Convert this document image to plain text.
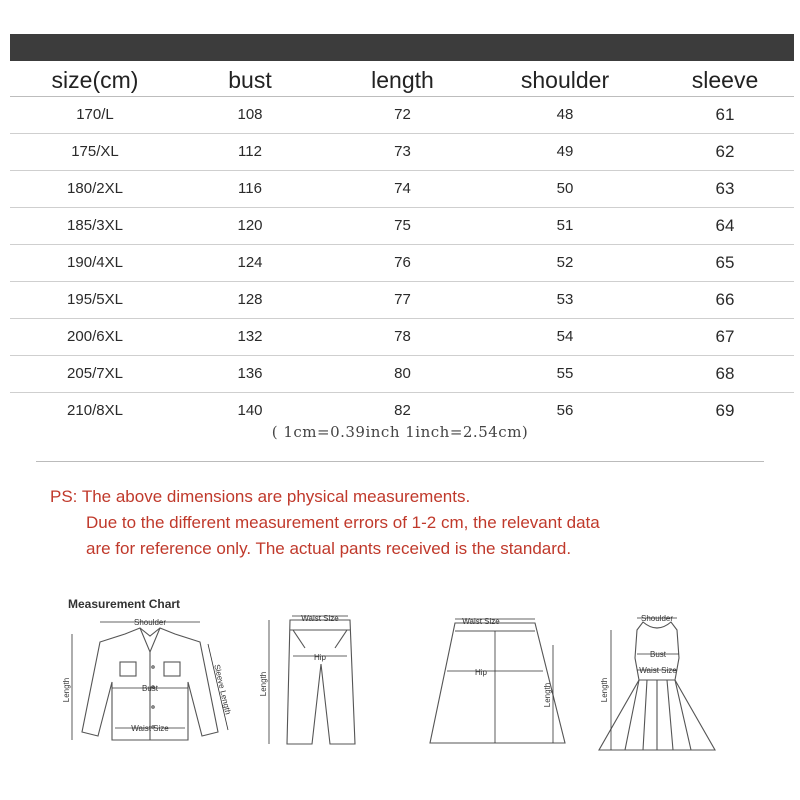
size(cm)	bust	length	shoulder	sleeve
170/L	108	72	48	61
175/XL	112	73	49	62
180/2XL	116	74	50	63
185/3XL	120	75	51	64
190/4XL	124	76	52	65
195/5XL	128	77	53	66
200/6XL	132	78	54	67
205/7XL	136	80	55	68
210/8XL	140	82	56	69
( 1cm=0.39inch 1inch=2.54cm)
PS: The above dimensions are physical measurements.
Due to the different measurement errors of 1-2 cm, the relevant data
are for reference only. The actual pants received is the standard.
Measurement Chart
Shoulder
Bust
Waist Size
Length	Sleeve Length
Waist Size
Hip
Length
Waist Size
Hip
Length
Shoulder
Bust
Waist Size
Length
